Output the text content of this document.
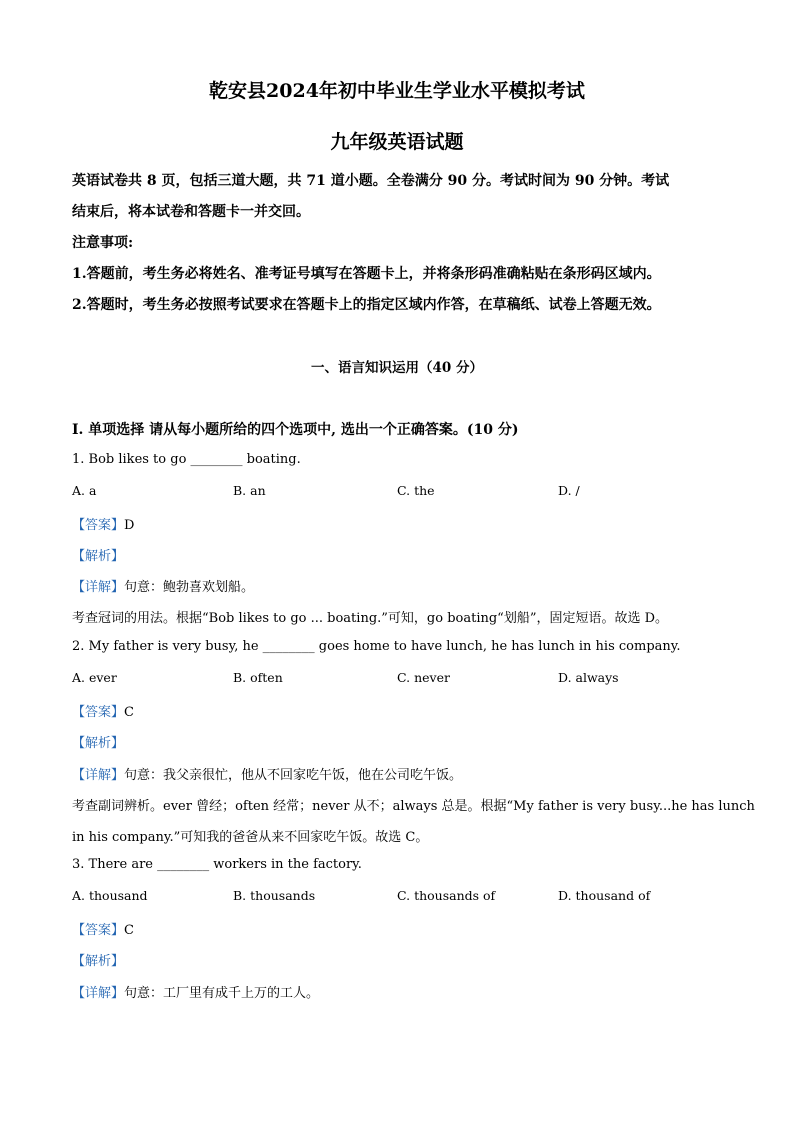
乾安县2024年初中毕业生学业水平模拟考试
九年级英语试题
英语试卷共 8 页，包括三道大题，共 71 道小题。全卷满分 90 分。考试时间为 90 分钟。考试
结束后，将本试卷和答题卡一并交回。
注意事项:
1.答题前，考生务必将姓名、准考证号填写在答题卡上，并将条形码准确粘贴在条形码区域内。
2.答题时，考生务必按照考试要求在答题卡上的指定区域内作答，在草稿纸、试卷上答题无效。
一、语言知识运用（40 分）
I. 单项选择 请从每小题所给的四个选项中, 选出一个正确答案。(10 分)
1. Bob likes to go ________ boating.
A. a	B. an	C. the	D. /
【答案】D
【解析】
【详解】句意：鲍勃喜欢划船。
考查冠词的用法。根据“Bob likes to go ... boating.”可知，go boating“划船”，固定短语。故选 D。
2. My father is very busy, he ________ goes home to have lunch, he has lunch in his company.
A. ever	B. often	C. never	D. always
【答案】C
【解析】
【详解】句意：我父亲很忙，他从不回家吃午饭，他在公司吃午饭。
考查副词辨析。ever 曾经；often 经常；never 从不；always 总是。根据“My father is very busy...he has lunch
in his company.”可知我的爸爸从来不回家吃午饭。故选 C。
3. There are ________ workers in the factory.
A. thousand	B. thousands	C. thousands of	D. thousand of
【答案】C
【解析】
【详解】句意：工厂里有成千上万的工人。
